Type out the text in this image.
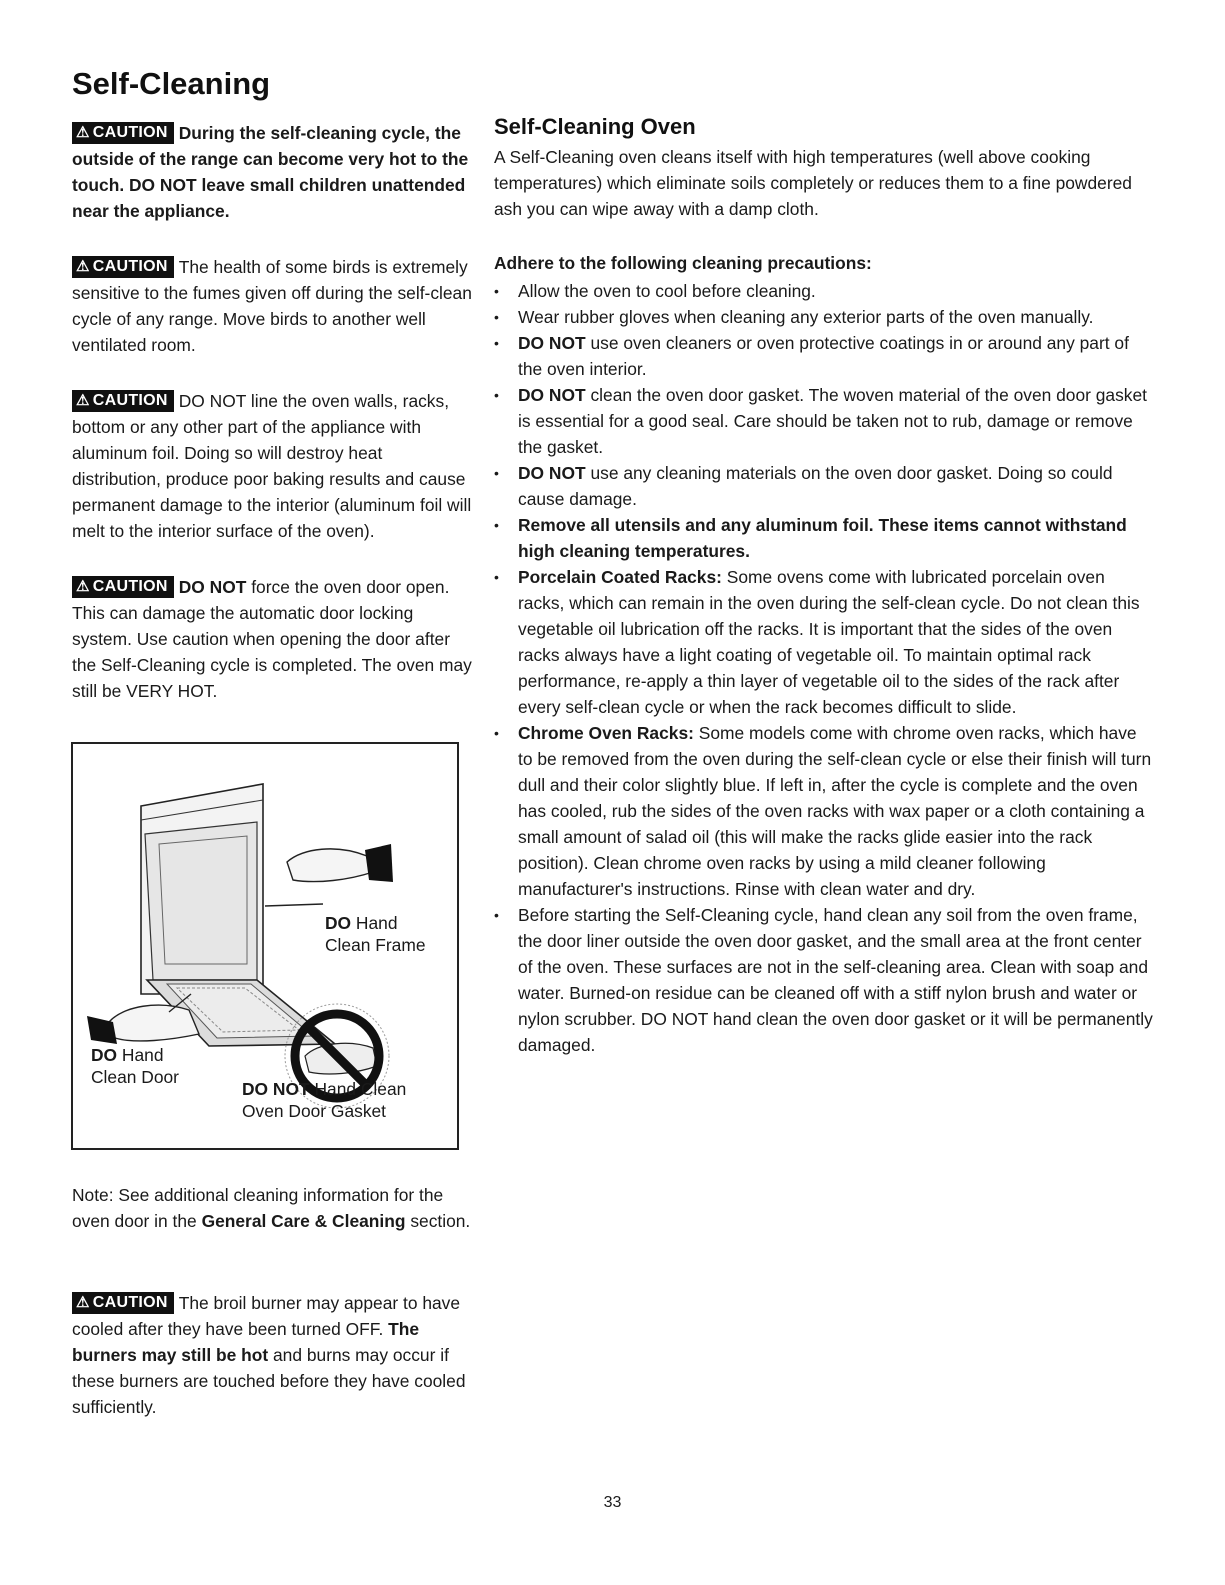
Self-Cleaning

⚠ CAUTION During the self-cleaning cycle, the outside of the range can become very hot to the touch. DO NOT leave small children unattended near the appliance.

⚠ CAUTION The health of some birds is extremely sensitive to the fumes given off during the self-clean cycle of any range. Move birds to another well ventilated room.

⚠ CAUTION DO NOT line the oven walls, racks, bottom or any other part of the appliance with aluminum foil. Doing so will destroy heat distribution, produce poor baking results and cause permanent damage to the interior (aluminum foil will melt to the interior surface of the oven).

⚠ CAUTION DO NOT force the oven door open. This can damage the automatic door locking system. Use caution when opening the door after the Self-Cleaning cycle is completed. The oven may still be VERY HOT.

DO Hand
Clean Frame
DO Hand
Clean Door
DO NOT Hand Clean
Oven Door Gasket

Note: See additional cleaning information for the oven door in the General Care & Cleaning section.

⚠ CAUTION The broil burner may appear to have cooled after they have been turned OFF. The burners may still be hot and burns may occur if these burners are touched before they have cooled sufficiently.

Self-Cleaning Oven

A Self-Cleaning oven cleans itself with high temperatures (well above cooking temperatures) which eliminate soils completely or reduces them to a fine powdered ash you can wipe away with a damp cloth.

Adhere to the following cleaning precautions:

• Allow the oven to cool before cleaning.
• Wear rubber gloves when cleaning any exterior parts of the oven manually.
• DO NOT use oven cleaners or oven protective coatings in or around any part of the oven interior.
• DO NOT clean the oven door gasket. The woven material of the oven door gasket is essential for a good seal. Care should be taken not to rub, damage or remove the gasket.
• DO NOT use any cleaning materials on the oven door gasket. Doing so could cause damage.
• Remove all utensils and any aluminum foil. These items cannot withstand high cleaning temperatures.
• Porcelain Coated Racks: Some ovens come with lubricated porcelain oven racks, which can remain in the oven during the self-clean cycle. Do not clean this vegetable oil lubrication off the racks. It is important that the sides of the oven racks always have a light coating of vegetable oil. To maintain optimal rack performance, re-apply a thin layer of vegetable oil to the sides of the rack after every self-clean cycle or when the rack becomes difficult to slide.
• Chrome Oven Racks: Some models come with chrome oven racks, which have to be removed from the oven during the self-clean cycle or else their finish will turn dull and their color slightly blue. If left in, after the cycle is complete and the oven has cooled, rub the sides of the oven racks with wax paper or a cloth containing a small amount of salad oil (this will make the racks glide easier into the rack position). Clean chrome oven racks by using a mild cleaner following manufacturer's instructions. Rinse with clean water and dry.
• Before starting the Self-Cleaning cycle, hand clean any soil from the oven frame, the door liner outside the oven door gasket, and the small area at the front center of the oven. These surfaces are not in the self-cleaning area. Clean with soap and water. Burned-on residue can be cleaned off with a stiff nylon brush and water or nylon scrubber. DO NOT hand clean the oven door gasket or it will be permanently damaged.
33
